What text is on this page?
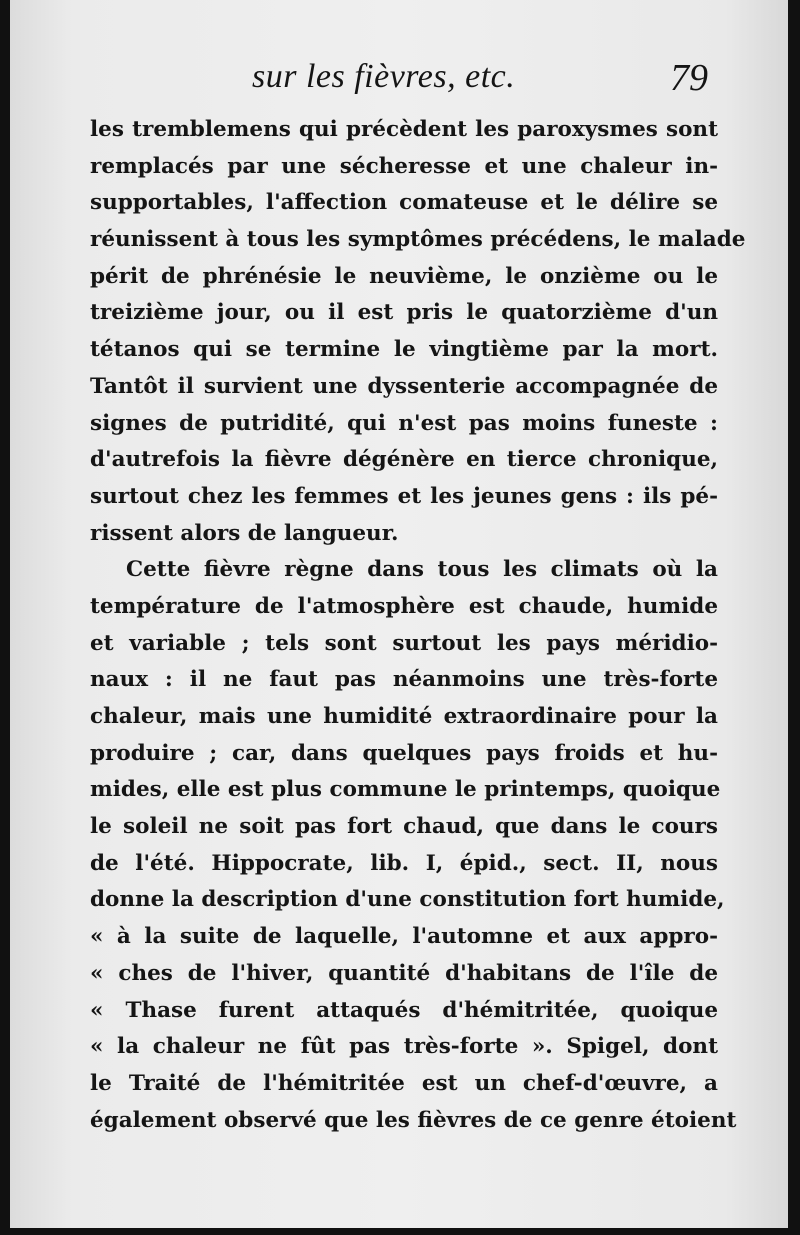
sur les fièvres, etc.	79
les tremblemens qui précèdent les paroxysmes sont
remplacés par une sécheresse et une chaleur in-
supportables, l'affection comateuse et le délire se
réunissent à tous les symptômes précédens, le malade
périt de phrénésie le neuvième, le onzième ou le
treizième jour, ou il est pris le quatorzième d'un
tétanos qui se termine le vingtième par la mort.
Tantôt il survient une dyssenterie accompagnée de
signes de putridité, qui n'est pas moins funeste :
d'autrefois la fièvre dégénère en tierce chronique,
surtout chez les femmes et les jeunes gens : ils pé-
rissent alors de langueur.
Cette fièvre règne dans tous les climats où la
température de l'atmosphère est chaude, humide
et variable ; tels sont surtout les pays méridio-
naux : il ne faut pas néanmoins une très-forte
chaleur, mais une humidité extraordinaire pour la
produire ; car, dans quelques pays froids et hu-
mides, elle est plus commune le printemps, quoique
le soleil ne soit pas fort chaud, que dans le cours
de l'été. Hippocrate, lib. I, épid., sect. II, nous
donne la description d'une constitution fort humide,
« à la suite de laquelle, l'automne et aux appro-
« ches de l'hiver, quantité d'habitans de l'île de
« Thase furent attaqués d'hémitritée, quoique
« la chaleur ne fût pas très-forte ». Spigel, dont
le Traité de l'hémitritée est un chef-d'œuvre, a
également observé que les fièvres de ce genre étoient
